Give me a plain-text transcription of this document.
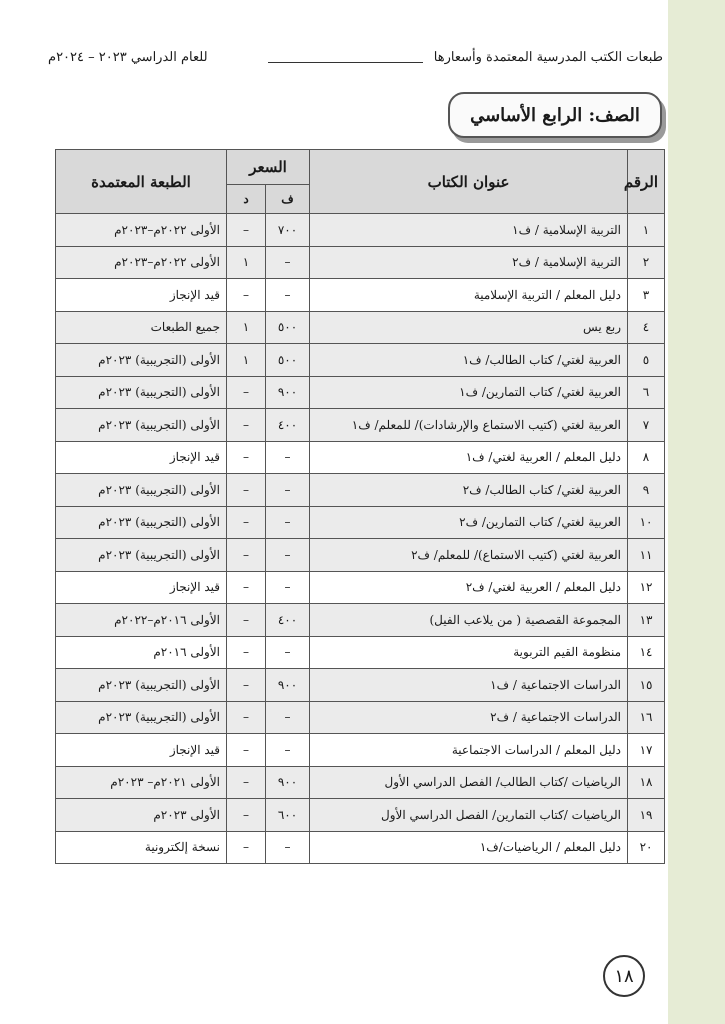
طبعات الكتب المدرسية المعتمدة وأسعارها
للعام الدراسي ٢٠٢٣ – ٢٠٢٤م
الصف: الرابع الأساسي
الرقم	عنوان الكتاب	السعر		الطبعة المعتمدة
		ف	د	
١	التربية الإسلامية / ف١	٧٠٠	–	الأولى ٢٠٢٢م–٢٠٢٣م
٢	التربية الإسلامية / ف٢	–	١	الأولى ٢٠٢٢م–٢٠٢٣م
٣	دليل المعلم / التربية الإسلامية	–	–	قيد الإنجاز
٤	ربع يس	٥٠٠	١	جميع الطبعات
٥	العربية لغتي/ كتاب الطالب/ ف١	٥٠٠	١	الأولى (التجريبية) ٢٠٢٣م
٦	العربية لغتي/ كتاب التمارين/ ف١	٩٠٠	–	الأولى (التجريبية) ٢٠٢٣م
٧	العربية لغتي (كتيب الاستماع والإرشادات)/ للمعلم/ ف١	٤٠٠	–	الأولى (التجريبية) ٢٠٢٣م
٨	دليل المعلم / العربية لغتي/ ف١	–	–	قيد الإنجاز
٩	العربية لغتي/ كتاب الطالب/ ف٢	–	–	الأولى (التجريبية) ٢٠٢٣م
١٠	العربية لغتي/ كتاب التمارين/ ف٢	–	–	الأولى (التجريبية) ٢٠٢٣م
١١	العربية لغتي (كتيب الاستماع)/ للمعلم/ ف٢	–	–	الأولى (التجريبية) ٢٠٢٣م
١٢	دليل المعلم / العربية لغتي/ ف٢	–	–	قيد الإنجاز
١٣	المجموعة القصصية ( من يلاعب الفيل)	٤٠٠	–	الأولى ٢٠١٦م–٢٠٢٢م
١٤	منظومة القيم التربوية	–	–	الأولى ٢٠١٦م
١٥	الدراسات الاجتماعية / ف١	٩٠٠	–	الأولى (التجريبية) ٢٠٢٣م
١٦	الدراسات الاجتماعية / ف٢	–	–	الأولى (التجريبية) ٢٠٢٣م
١٧	دليل المعلم / الدراسات الاجتماعية	–	–	قيد الإنجاز
١٨	الرياضيات /كتاب الطالب/ الفصل الدراسي الأول	٩٠٠	–	الأولى ٢٠٢١م– ٢٠٢٣م
١٩	الرياضيات /كتاب التمارين/ الفصل الدراسي الأول	٦٠٠	–	الأولى ٢٠٢٣م
٢٠	دليل المعلم / الرياضيات/ف١	–	–	نسخة إلكترونية
١٨
